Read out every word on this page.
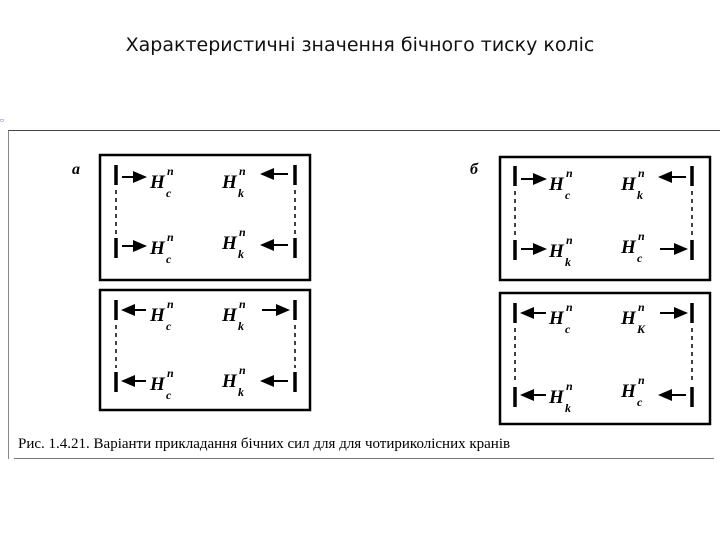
Характеристичні значення бічного тиску коліс
▫
а	б
H
n
c	H
n
k
H
n
c
H
n
k
H
n
c	H
n
k
H
n
c
H
n
k
H
n
c	H
n
k
H
n
k
H
n
c
H
n
c	H
n
K
H
n
k
H
n
c
Рис. 1.4.21. Варіанти прикладання бічних сил для для чотириколісних кранів
